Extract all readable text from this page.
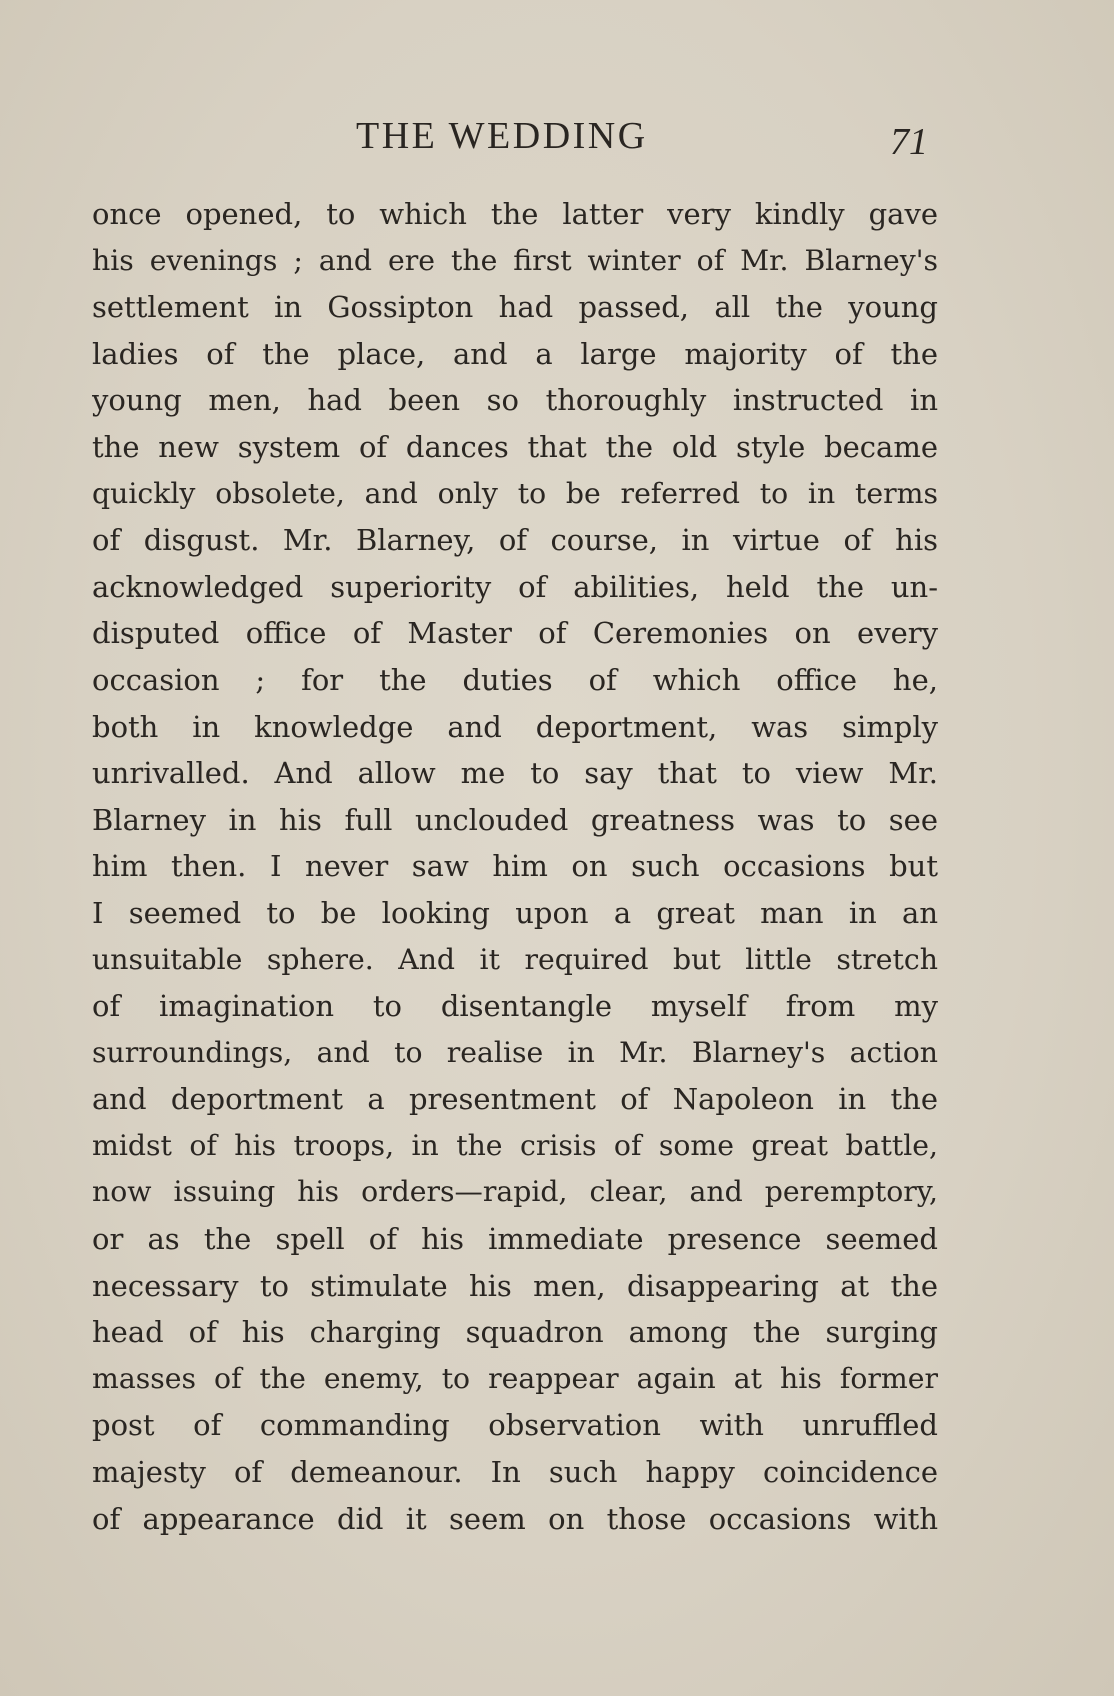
THE WEDDING	71
once opened, to which the latter very kindly gave
his evenings ; and ere the first winter of Mr. Blarney's
settlement in Gossipton had passed, all the young
ladies of the place, and a large majority of the
young men, had been so thoroughly instructed in
the new system of dances that the old style became
quickly obsolete, and only to be referred to in terms
of disgust. Mr. Blarney, of course, in virtue of his
acknowledged superiority of abilities, held the un-
disputed office of Master of Ceremonies on every
occasion ; for the duties of which office he,
both in knowledge and deportment, was simply
unrivalled. And allow me to say that to view Mr.
Blarney in his full unclouded greatness was to see
him then. I never saw him on such occasions but
I seemed to be looking upon a great man in an
unsuitable sphere. And it required but little stretch
of imagination to disentangle myself from my
surroundings, and to realise in Mr. Blarney's action
and deportment a presentment of Napoleon in the
midst of his troops, in the crisis of some great battle,
now issuing his orders—rapid, clear, and peremptory,
or as the spell of his immediate presence seemed
necessary to stimulate his men, disappearing at the
head of his charging squadron among the surging
masses of the enemy, to reappear again at his former
post of commanding observation with unruffled
majesty of demeanour. In such happy coincidence
of appearance did it seem on those occasions with
